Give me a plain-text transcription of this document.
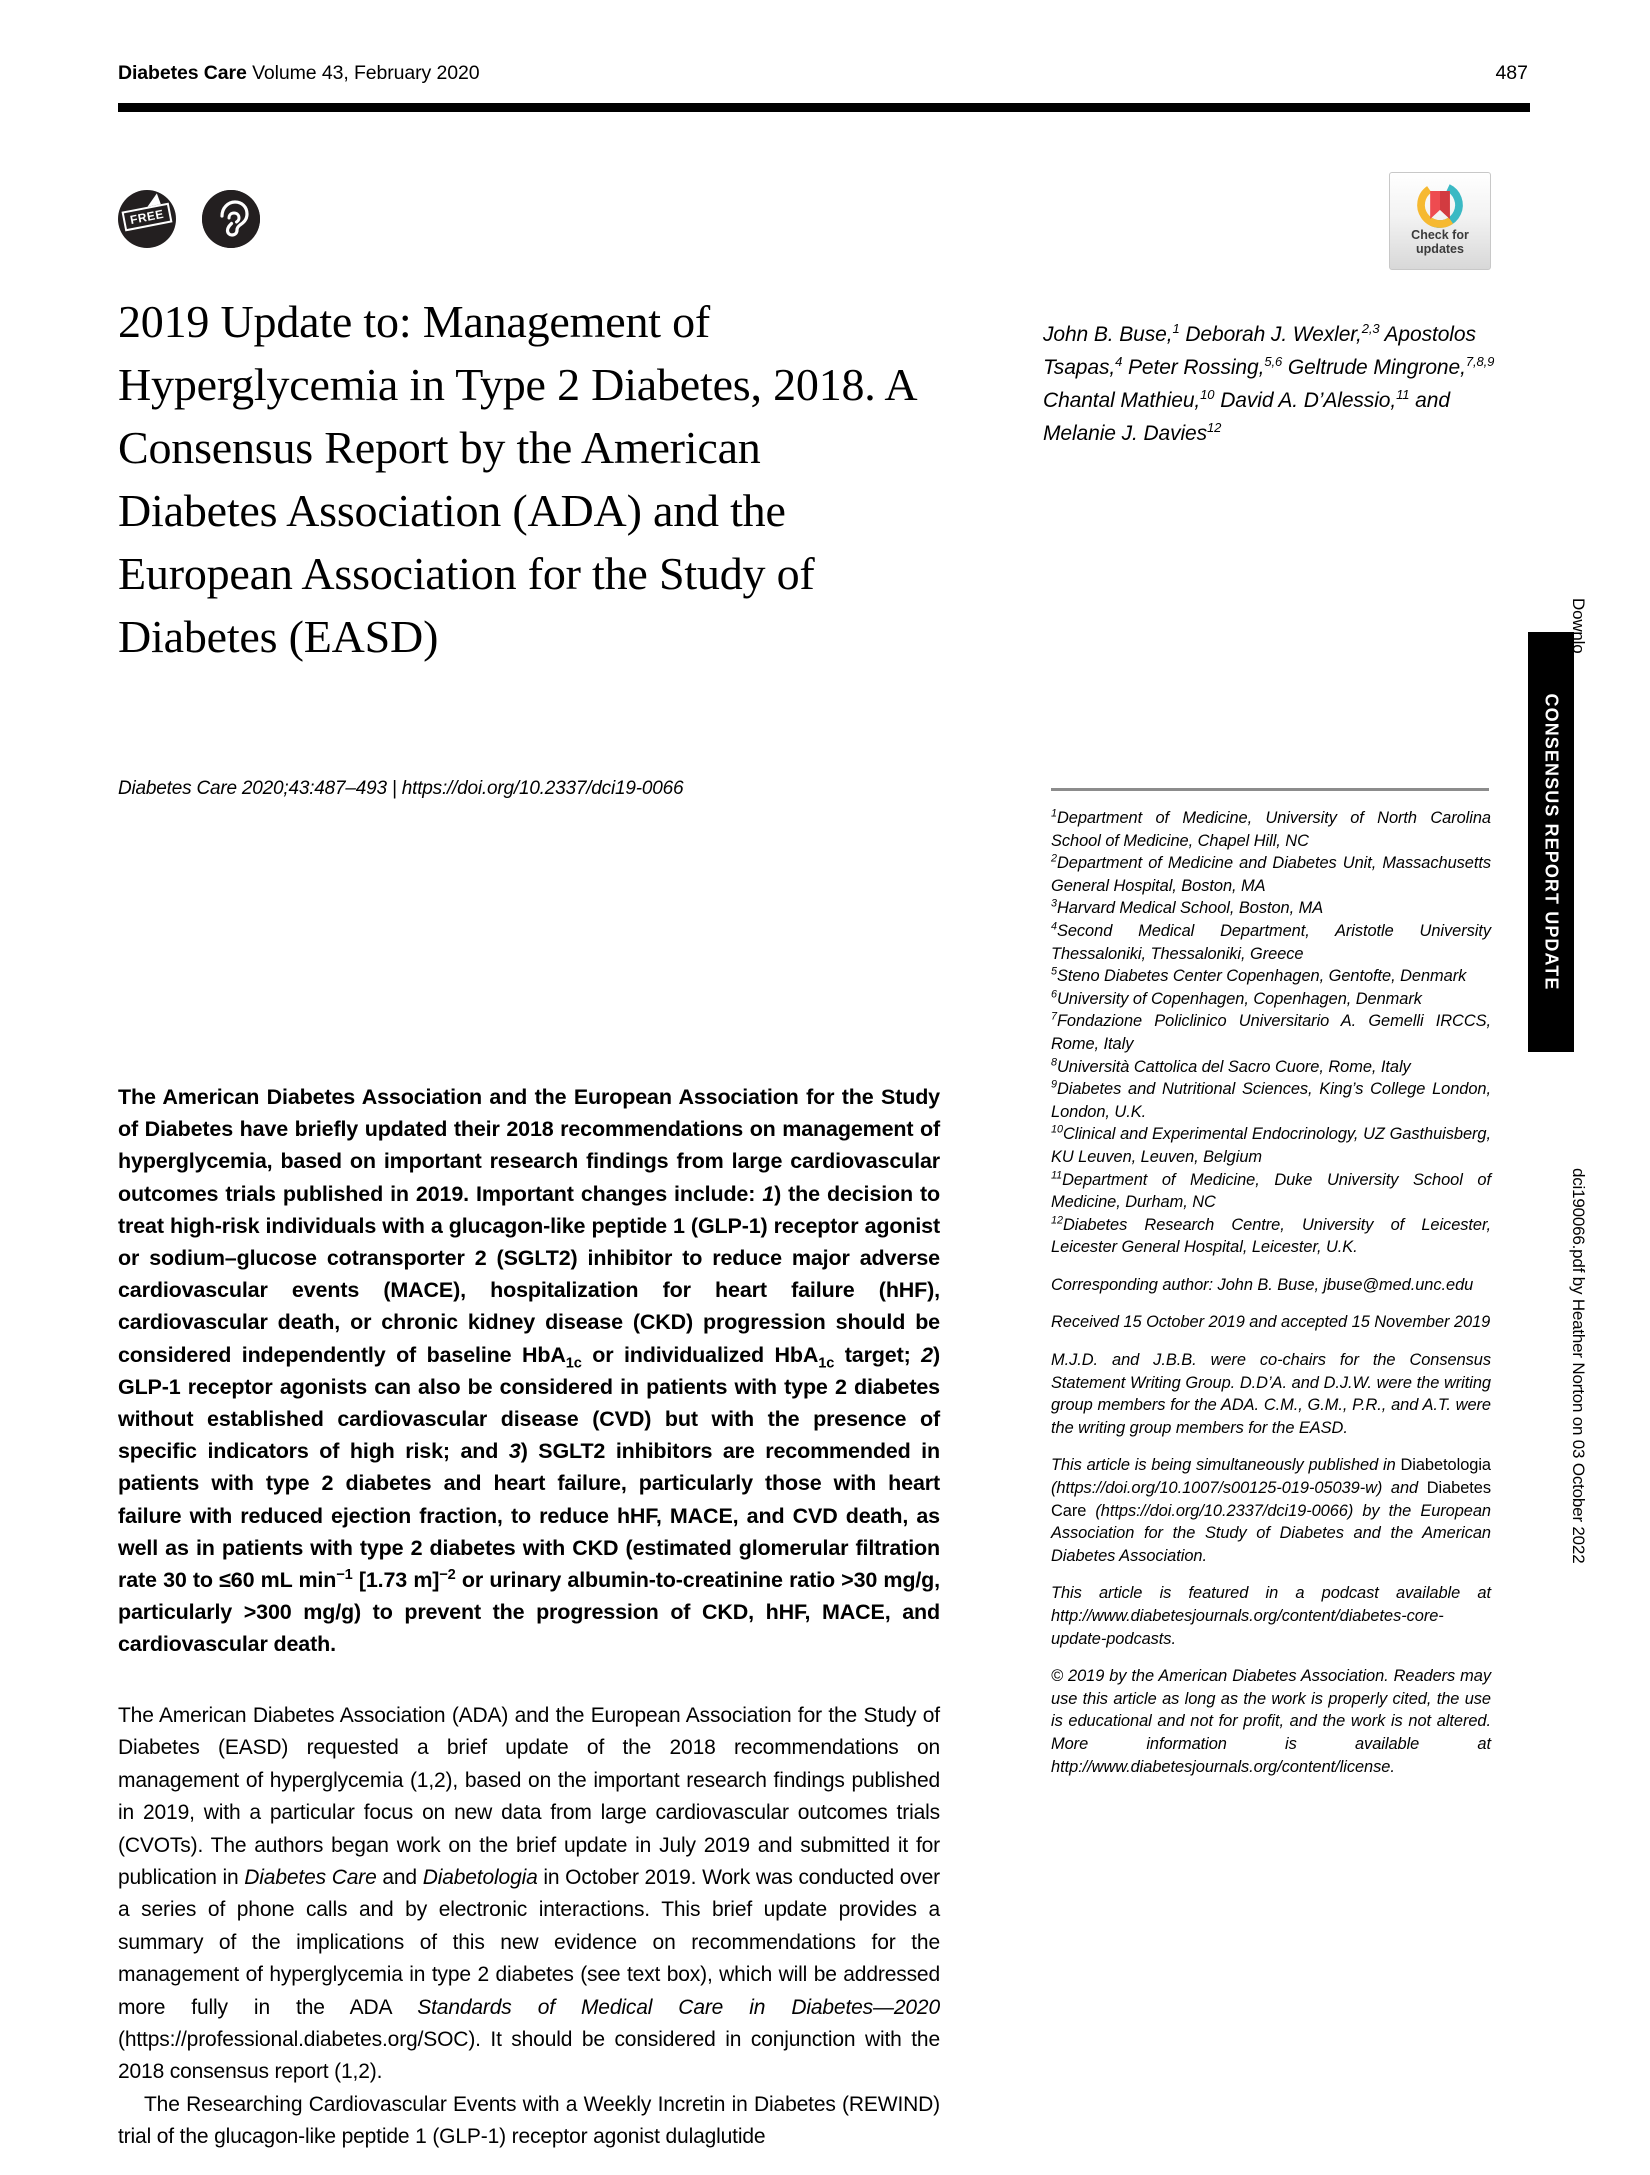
Diabetes Care Volume 43, February 2020	487
FREE
Check for
updates
2019 Update to: Management of Hyperglycemia in Type 2 Diabetes, 2018. A Consensus Report by the American Diabetes Association (ADA) and the European Association for the Study of Diabetes (EASD)
Diabetes Care 2020;43:487–493 | https://doi.org/10.2337/dci19-0066
John B. Buse,$^1$ Deborah J. Wexler,$^{2,3}$ Apostolos Tsapas,$^4$ Peter Rossing,$^{5,6}$ Geltrude Mingrone,$^{7,8,9}$ Chantal Mathieu,$^{10}$ David A. D’Alessio,$^{11}$ and Melanie J. Davies$^{12}$
$^1$Department of Medicine, University of North Carolina School of Medicine, Chapel Hill, NC
$^2$Department of Medicine and Diabetes Unit, Massachusetts General Hospital, Boston, MA
$^3$Harvard Medical School, Boston, MA
$^4$Second Medical Department, Aristotle University Thessaloniki, Thessaloniki, Greece
$^5$Steno Diabetes Center Copenhagen, Gentofte, Denmark
$^6$University of Copenhagen, Copenhagen, Denmark
$^7$Fondazione Policlinico Universitario A. Gemelli IRCCS, Rome, Italy
$^8$Università Cattolica del Sacro Cuore, Rome, Italy
$^9$Diabetes and Nutritional Sciences, King’s College London, London, U.K.
$^{10}$Clinical and Experimental Endocrinology, UZ Gasthuisberg, KU Leuven, Leuven, Belgium
$^{11}$Department of Medicine, Duke University School of Medicine, Durham, NC
$^{12}$Diabetes Research Centre, University of Leicester, Leicester General Hospital, Leicester, U.K.
Corresponding author: John B. Buse, jbuse@med.unc.edu
Received 15 October 2019 and accepted 15 November 2019
M.J.D. and J.B.B. were co-chairs for the Consensus Statement Writing Group. D.D’A. and D.J.W. were the writing group members for the ADA. C.M., G.M., P.R., and A.T. were the writing group members for the EASD.
This article is being simultaneously published in Diabetologia (https://doi.org/10.1007/s00125-019-05039-w) and Diabetes Care (https://doi.org/10.2337/dci19-0066) by the European Association for the Study of Diabetes and the American Diabetes Association.
This article is featured in a podcast available at http://www.diabetesjournals.org/content/diabetes-core-update-podcasts.
© 2019 by the American Diabetes Association. Readers may use this article as long as the work is properly cited, the use is educational and not for profit, and the work is not altered. More information is available at http://www.diabetesjournals.org/content/license.
The American Diabetes Association and the European Association for the Study of Diabetes have briefly updated their 2018 recommendations on management of hyperglycemia, based on important research findings from large cardiovascular outcomes trials published in 2019. Important changes include: 1) the decision to treat high-risk individuals with a glucagon-like peptide 1 (GLP-1) receptor agonist or sodium–glucose cotransporter 2 (SGLT2) inhibitor to reduce major adverse cardiovascular events (MACE), hospitalization for heart failure (hHF), cardiovascular death, or chronic kidney disease (CKD) progression should be considered independently of baseline HbA$_{1c}$ or individualized HbA$_{1c}$ target; 2) GLP-1 receptor agonists can also be considered in patients with type 2 diabetes without established cardiovascular disease (CVD) but with the presence of specific indicators of high risk; and 3) SGLT2 inhibitors are recommended in patients with type 2 diabetes and heart failure, particularly those with heart failure with reduced ejection fraction, to reduce hHF, MACE, and CVD death, as well as in patients with type 2 diabetes with CKD (estimated glomerular filtration rate 30 to ≤60 mL $\min^{-1} [1.73$ m]$^{-2}$ or urinary albumin-to-creatinine ratio >30 mg/g, particularly >300 mg/g) to prevent the progression of CKD, hHF, MACE, and cardiovascular death.

The American Diabetes Association (ADA) and the European Association for the Study of Diabetes (EASD) requested a brief update of the 2018 recommendations on management of hyperglycemia (1,2), based on the important research findings published in 2019, with a particular focus on new data from large cardiovascular outcomes trials (CVOTs). The authors began work on the brief update in July 2019 and submitted it for publication in Diabetes Care and Diabetologia in October 2019. Work was conducted over a series of phone calls and by electronic interactions. This brief update provides a summary of the implications of this new evidence on recommendations for the management of hyperglycemia in type 2 diabetes (see text box), which will be addressed more fully in the ADA Standards of Medical Care in Diabetes—2020 (https://professional.diabetes.org/SOC). It should be considered in conjunction with the 2018 consensus report (1,2).

The Researching Cardiovascular Events with a Weekly Incretin in Diabetes (REWIND) trial of the glucagon-like peptide 1 (GLP-1) receptor agonist dulaglutide

CONSENSUS REPORT UPDATE
Downlo
dci190066.pdf by Heather Norton on 03 October 2022
